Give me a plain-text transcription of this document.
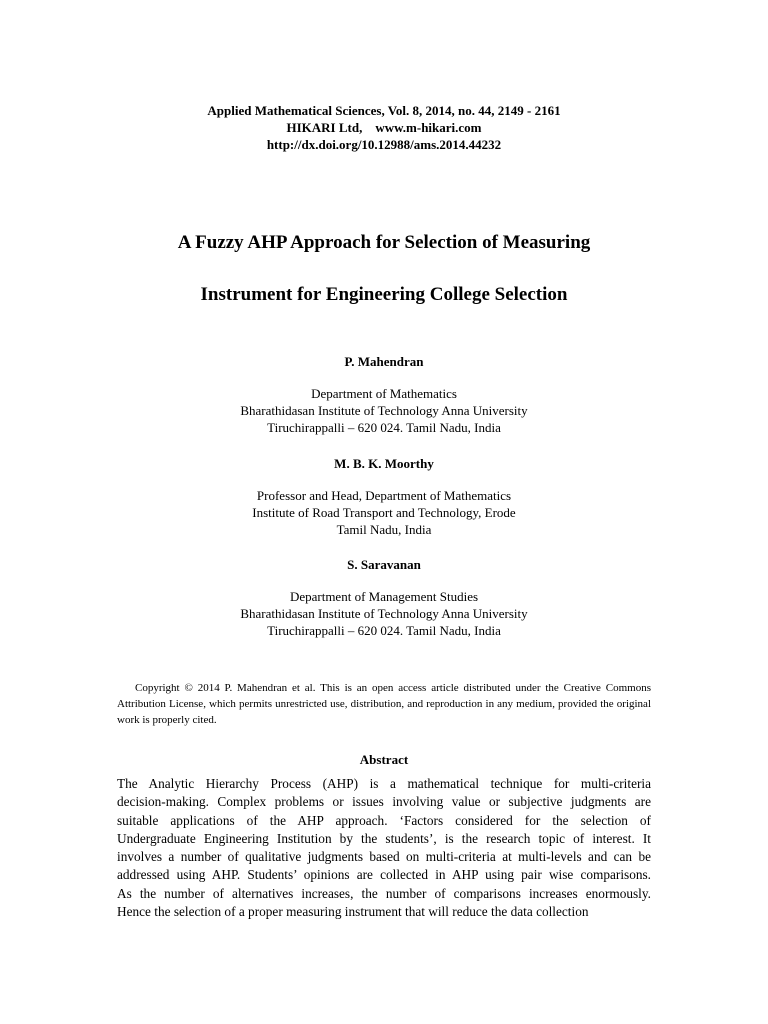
Applied Mathematical Sciences, Vol. 8, 2014, no. 44, 2149 - 2161
HIKARI Ltd,    www.m-hikari.com
http://dx.doi.org/10.12988/ams.2014.44232
A Fuzzy AHP Approach for Selection of Measuring
Instrument for Engineering College Selection
P. Mahendran
Department of Mathematics
Bharathidasan Institute of Technology Anna University
Tiruchirappalli – 620 024. Tamil Nadu, India
M. B. K. Moorthy
Professor and Head, Department of Mathematics
Institute of Road Transport and Technology, Erode
Tamil Nadu, India
S. Saravanan
Department of Management Studies
Bharathidasan Institute of Technology Anna University
Tiruchirappalli – 620 024. Tamil Nadu, India
Copyright © 2014 P. Mahendran et al. This is an open access article distributed under the Creative Commons Attribution License, which permits unrestricted use, distribution, and reproduction in any medium, provided the original work is properly cited.
Abstract
The Analytic Hierarchy Process (AHP) is a mathematical technique for multi-criteria
decision-making. Complex problems or issues involving value or subjective judgments are
suitable applications of the AHP approach. ‘Factors considered for the selection of
Undergraduate Engineering Institution by the students’, is the research topic of interest. It
involves a number of qualitative judgments based on multi-criteria at multi-levels and can be
addressed using AHP. Students’ opinions are collected in AHP using pair wise comparisons.
As the number of alternatives increases, the number of comparisons increases enormously.
Hence the selection of a proper measuring instrument that will reduce the data collection
